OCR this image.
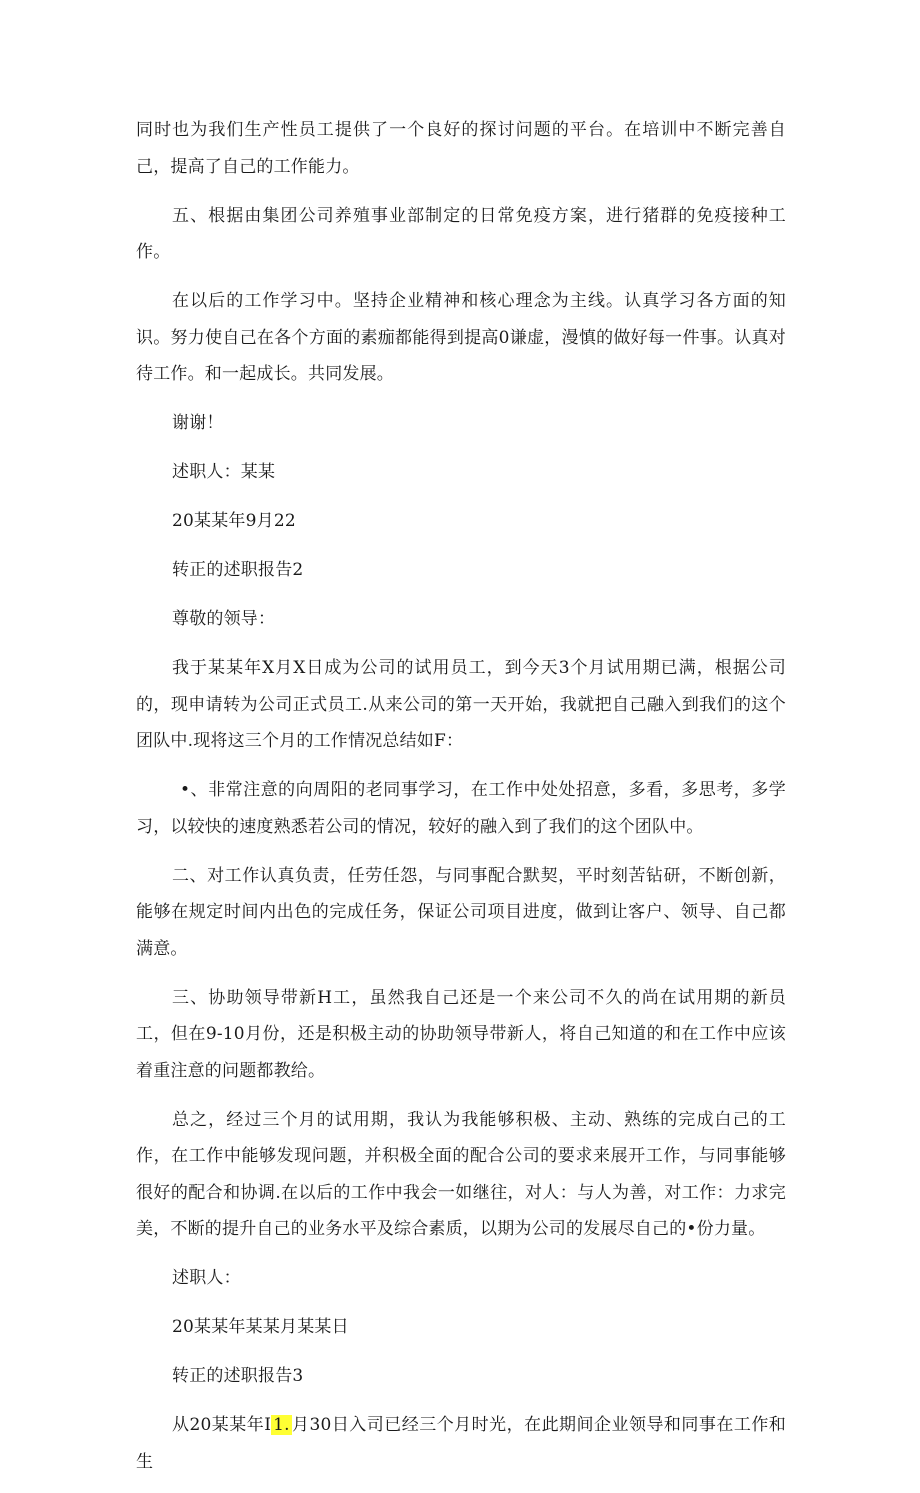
同时也为我们生产性员工提供了一个良好的探讨问题的平台。在培训中不断完善自己，提高了自己的工作能力。

五、根据由集团公司养殖事业部制定的日常免疫方案，进行猪群的免疫接种工作。

在以后的工作学习中。坚持企业精神和核心理念为主线。认真学习各方面的知识。努力使自己在各个方面的素痂都能得到提高0谦虚，漫慎的做好每一件事。认真对待工作。和一起成长。共同发展。

谢谢！

述职人：某某

20某某年9月22

转正的述职报告2

尊敬的领导：

我于某某年X月X日成为公司的试用员工，到今天3个月试用期已满，根据公司的，现申请转为公司正式员工.从来公司的第一天开始，我就把自己融入到我们的这个团队中.现将这三个月的工作情况总结如F：

•、非常注意的向周阳的老同事学习，在工作中处处招意，多看，多思考，多学习，以较快的速度熟悉若公司的情况，较好的融入到了我们的这个团队中。

二、对工作认真负责，任劳任怨，与同事配合默契，平时刻苦钻研，不断创新，能够在规定时间内出色的完成任务，保证公司项目进度，做到让客户、领导、自己都满意。

三、协助领导带新H工，虽然我自己还是一个来公司不久的尚在试用期的新员工，但在9-10月份，还是积极主动的协助领导带新人，将自己知道的和在工作中应该着重注意的问题都教给。

总之，经过三个月的试用期，我认为我能够积极、主动、熟练的完成白己的工作，在工作中能够发现问题，并积极全面的配合公司的要求来展开工作，与同事能够很好的配合和协调.在以后的工作中我会一如继往，对人：与人为善，对工作：力求完美，不断的提升自己的业务水平及综合素质，以期为公司的发展尽自己的•份力量。

述职人：

20某某年某某月某某日

转正的述职报告3

从20某某年I 1. 月30日入司已经三个月时光，在此期间企业领导和同事在工作和生
